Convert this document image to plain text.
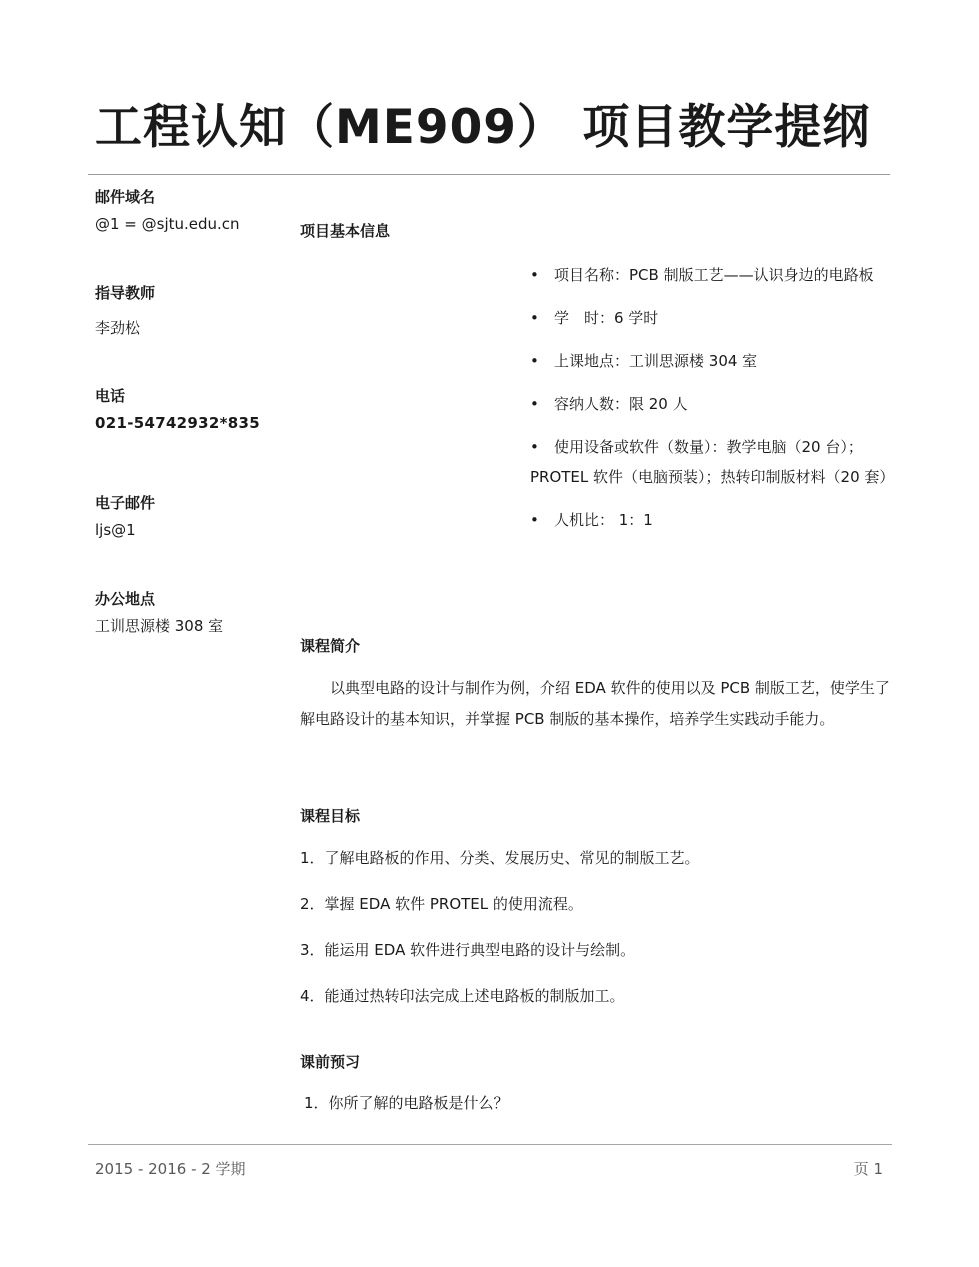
工程认知（ME909） 项目教学提纲
邮件域名
@1 = @sjtu.edu.cn
指导教师
李劲松
电话
021-54742932*835
电子邮件
ljs@1
办公地点
工训思源楼 308 室
项目基本信息
• 项目名称：PCB 制版工艺——认识身边的电路板
• 学　时：6 学时
• 上课地点：工训思源楼 304 室
• 容纳人数：限 20 人
• 使用设备或软件（数量）：教学电脑（20 台）；PROTEL 软件（电脑预装）；热转印制版材料（20 套）
• 人机比： 1：1
课程简介

以典型电路的设计与制作为例，介绍 EDA 软件的使用以及 PCB 制版工艺，使学生了解电路设计的基本知识，并掌握 PCB 制版的基本操作，培养学生实践动手能力。

课程目标
1．了解电路板的作用、分类、发展历史、常见的制版工艺。
2．掌握 EDA 软件 PROTEL 的使用流程。
3．能运用 EDA 软件进行典型电路的设计与绘制。
4．能通过热转印法完成上述电路板的制版加工。
课前预习
1．你所了解的电路板是什么？
2015 - 2016 - 2 学期	页 1
